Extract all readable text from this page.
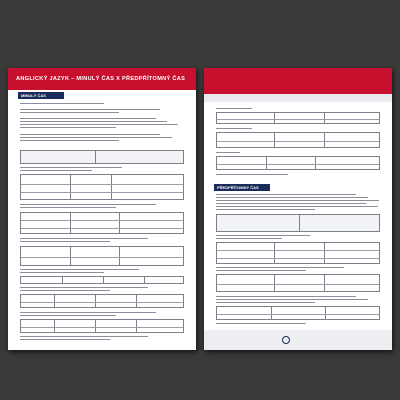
ANGLICKÝ JAZYK – MINULÝ ČAS X PŘEDPŘÍTOMNÝ ČAS
MINULÝ ČAS
PŘEDPŘÍTOMNÝ ČAS
